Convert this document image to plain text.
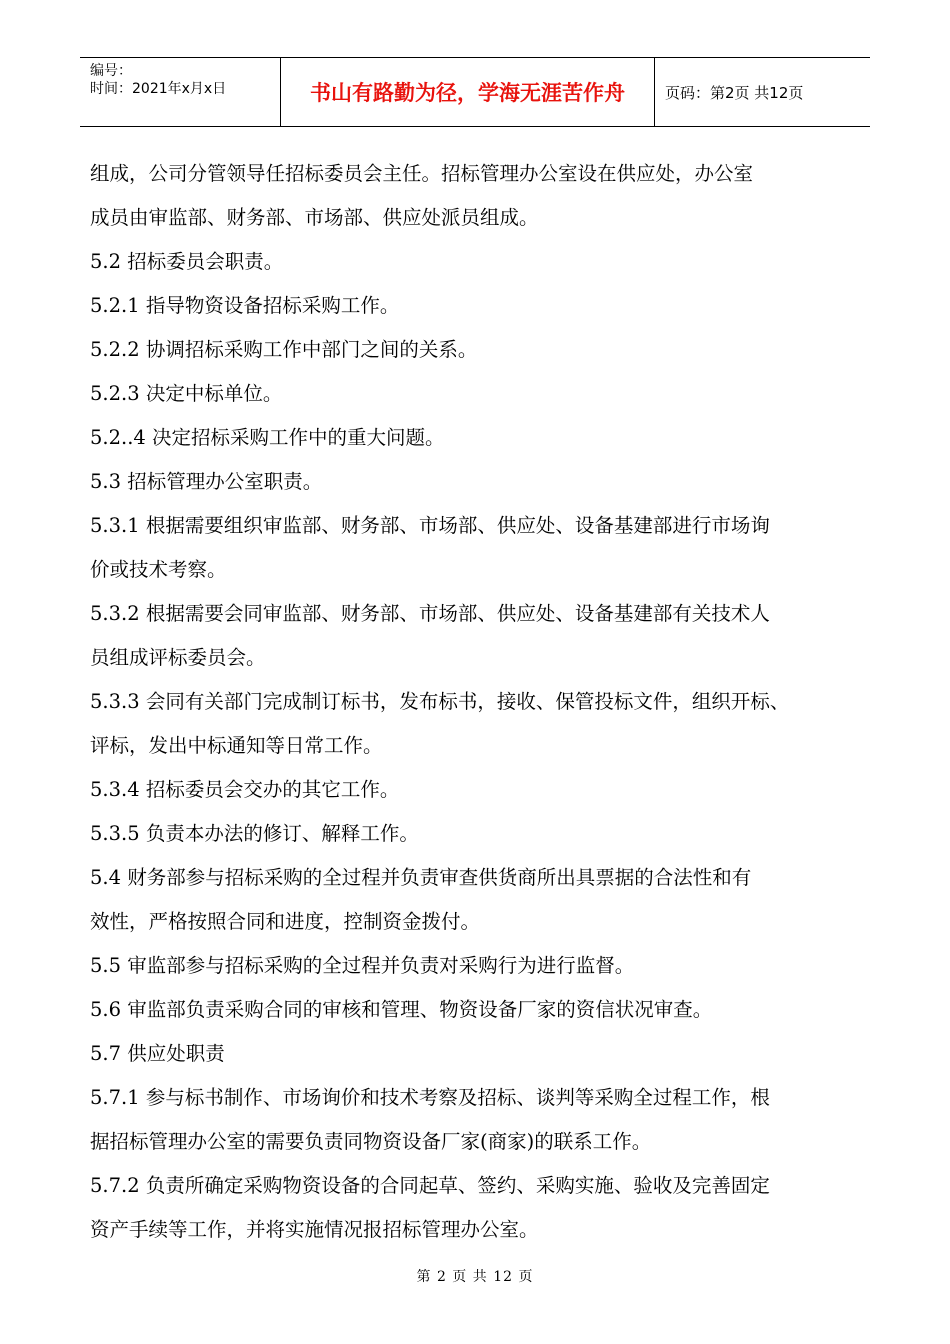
编号：
时间：2021年x月x日	书山有路勤为径，学海无涯苦作舟	页码：第2页 共12页

组成，公司分管领导任招标委员会主任。招标管理办公室设在供应处，办公室

成员由审监部、财务部、市场部、供应处派员组成。

5.2 招标委员会职责。

5.2.1 指导物资设备招标采购工作。

5.2.2 协调招标采购工作中部门之间的关系。

5.2.3 决定中标单位。

5.2..4 决定招标采购工作中的重大问题。

5.3 招标管理办公室职责。

5.3.1 根据需要组织审监部、财务部、市场部、供应处、设备基建部进行市场询

价或技术考察。

5.3.2 根据需要会同审监部、财务部、市场部、供应处、设备基建部有关技术人

员组成评标委员会。

5.3.3 会同有关部门完成制订标书，发布标书，接收、保管投标文件，组织开标、

评标，发出中标通知等日常工作。

5.3.4 招标委员会交办的其它工作。

5.3.5 负责本办法的修订、解释工作。

5.4 财务部参与招标采购的全过程并负责审查供货商所出具票据的合法性和有

效性，严格按照合同和进度，控制资金拨付。

5.5 审监部参与招标采购的全过程并负责对采购行为进行监督。

5.6 审监部负责采购合同的审核和管理、物资设备厂家的资信状况审查。

5.7 供应处职责

5.7.1 参与标书制作、市场询价和技术考察及招标、谈判等采购全过程工作，根

据招标管理办公室的需要负责同物资设备厂家(商家)的联系工作。

5.7.2 负责所确定采购物资设备的合同起草、签约、采购实施、验收及完善固定

资产手续等工作，并将实施情况报招标管理办公室。

第 2 页 共 12 页
